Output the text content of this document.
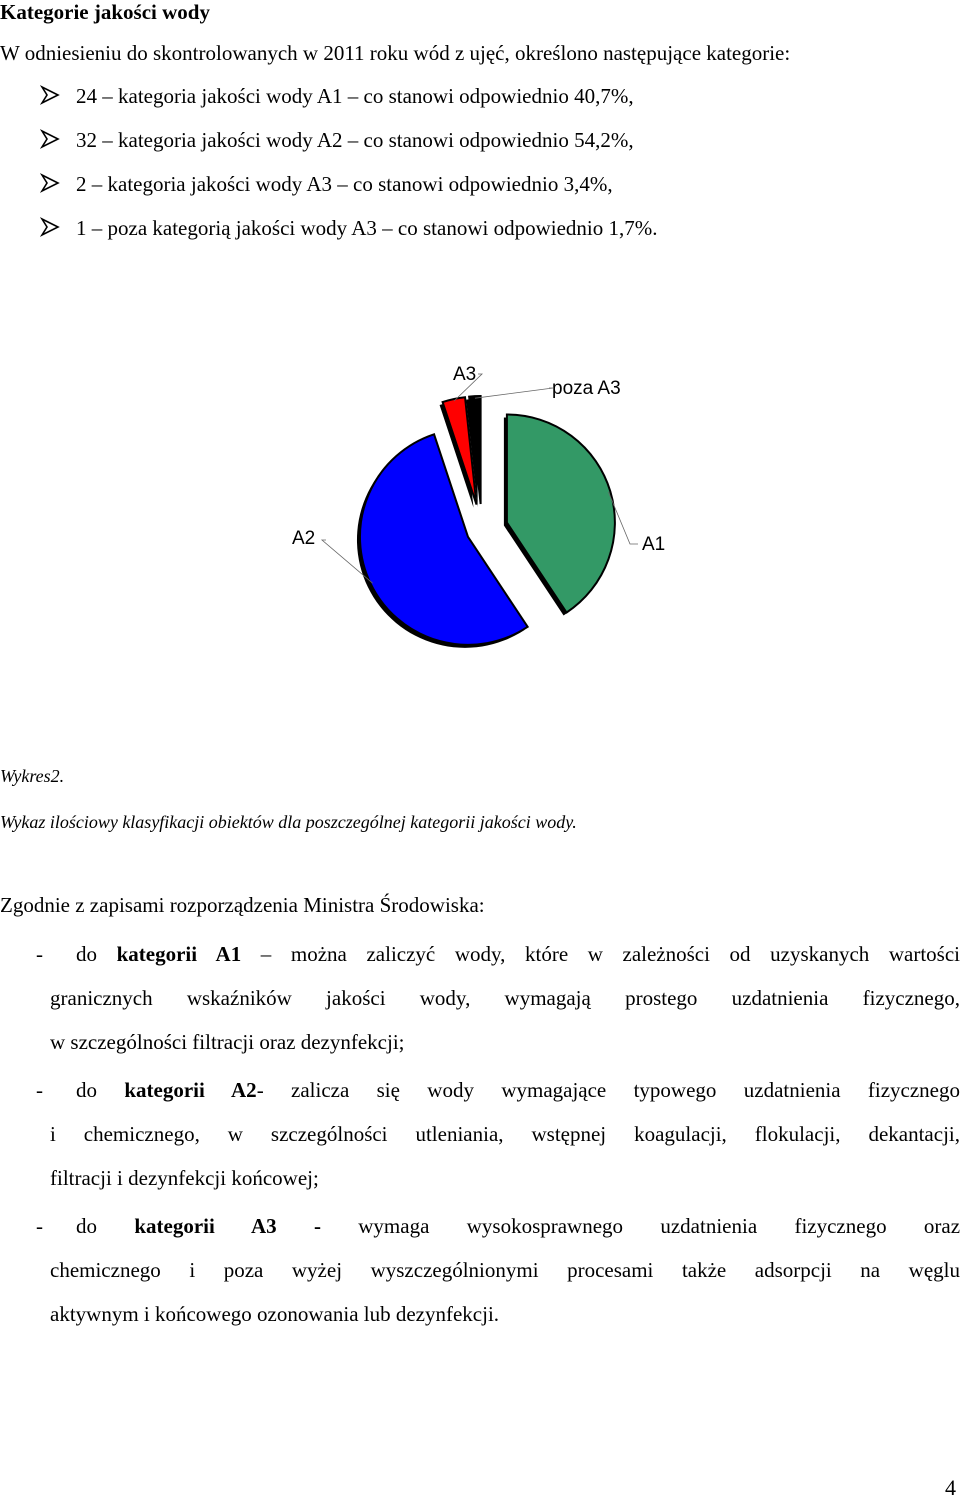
Kategorie jakości wody
W odniesieniu do skontrolowanych w 2011 roku wód z ujęć, określono następujące kategorie:
24 – kategoria jakości wody A1 – co stanowi odpowiednio 40,7%,
32 – kategoria jakości wody A2 – co stanowi odpowiednio 54,2%,
2 – kategoria jakości wody A3 – co stanowi odpowiednio 3,4%,
1 – poza kategorią jakości wody A3 – co stanowi odpowiednio 1,7%.
A1
A2
A3
poza A3
Wykres2.
Wykaz ilościowy klasyfikacji obiektów dla poszczególnej kategorii jakości wody.
Zgodnie z zapisami rozporządzenia Ministra Środowiska:
- do kategorii A1 – można zaliczyć wody, które w zależności od uzyskanych wartości
granicznych wskaźników jakości wody, wymagają prostego uzdatnienia fizycznego,
w szczególności filtracji oraz dezynfekcji;
- do kategorii A2- zalicza się wody wymagające typowego uzdatnienia fizycznego
i chemicznego, w szczególności utleniania, wstępnej koagulacji, flokulacji, dekantacji,
filtracji i dezynfekcji końcowej;
- do kategorii A3 - wymaga wysokosprawnego uzdatnienia fizycznego oraz
chemicznego i poza wyżej wyszczególnionymi procesami także adsorpcji na węglu
aktywnym i końcowego ozonowania lub dezynfekcji.
4
